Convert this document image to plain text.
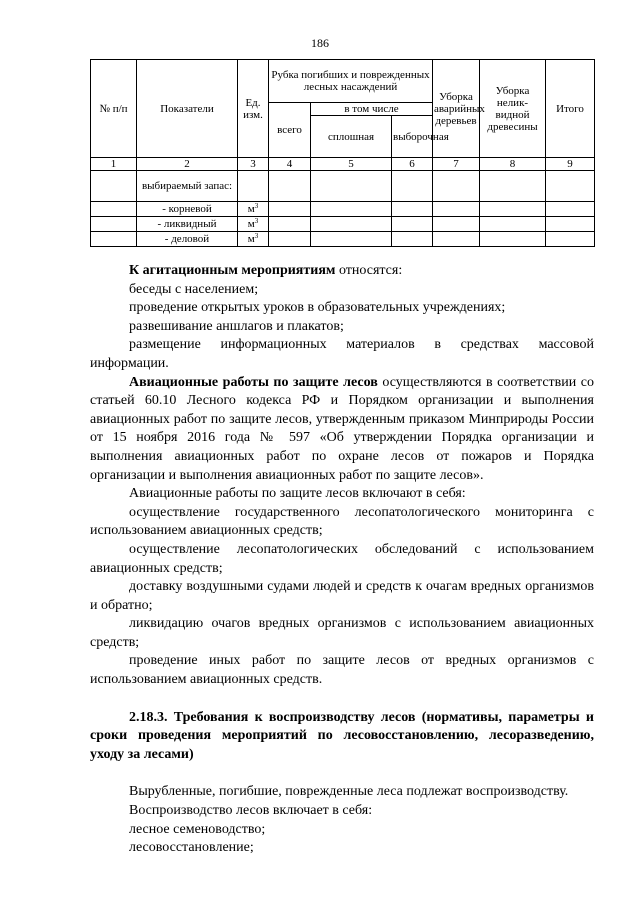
186
№ п/п	Показатели	Ед. изм.	Рубка погибших и поврежденных лесных насаждений			Уборка аварийных деревьев	Уборка нелик-видной древесины	Итого
			всего	в том числе				
				сплошная	выборочная			
1	2	3	4	5	6	7	8	9
	выбираемый запас:							
	- корневой	$м^3$						
	- ликвидный	$м^3$						
	- деловой	$м^3$						

К агитационным мероприятиям относятся:

беседы с населением;

проведение открытых уроков в образовательных учреждениях;

развешивание аншлагов и плакатов;

размещение информационных материалов в средствах массовой информации.

Авиационные работы по защите лесов осуществляются в соответствии со статьей 60.10 Лесного кодекса РФ и Порядком организации и выполнения авиационных работ по защите лесов, утвержденным приказом Минприроды России от 15 ноября 2016 года № 597 «Об утверждении Порядка организации и выполнения авиационных работ по охране лесов от пожаров и Порядка организации и выполнения авиационных работ по защите лесов».

Авиационные работы по защите лесов включают в себя:

осуществление государственного лесопатологического мониторинга с использованием авиационных средств;

осуществление лесопатологических обследований с использованием авиационных средств;

доставку воздушными судами людей и средств к очагам вредных организмов и обратно;

ликвидацию очагов вредных организмов с использованием авиационных средств;

проведение иных работ по защите лесов от вредных организмов с использованием авиационных средств.

2.18.3. Требования к воспроизводству лесов (нормативы, параметры и сроки проведения мероприятий по лесовосстановлению, лесоразведению, уходу за лесами)

Вырубленные, погибшие, поврежденные леса подлежат воспроизводству.

Воспроизводство лесов включает в себя:

лесное семеноводство;

лесовосстановление;
